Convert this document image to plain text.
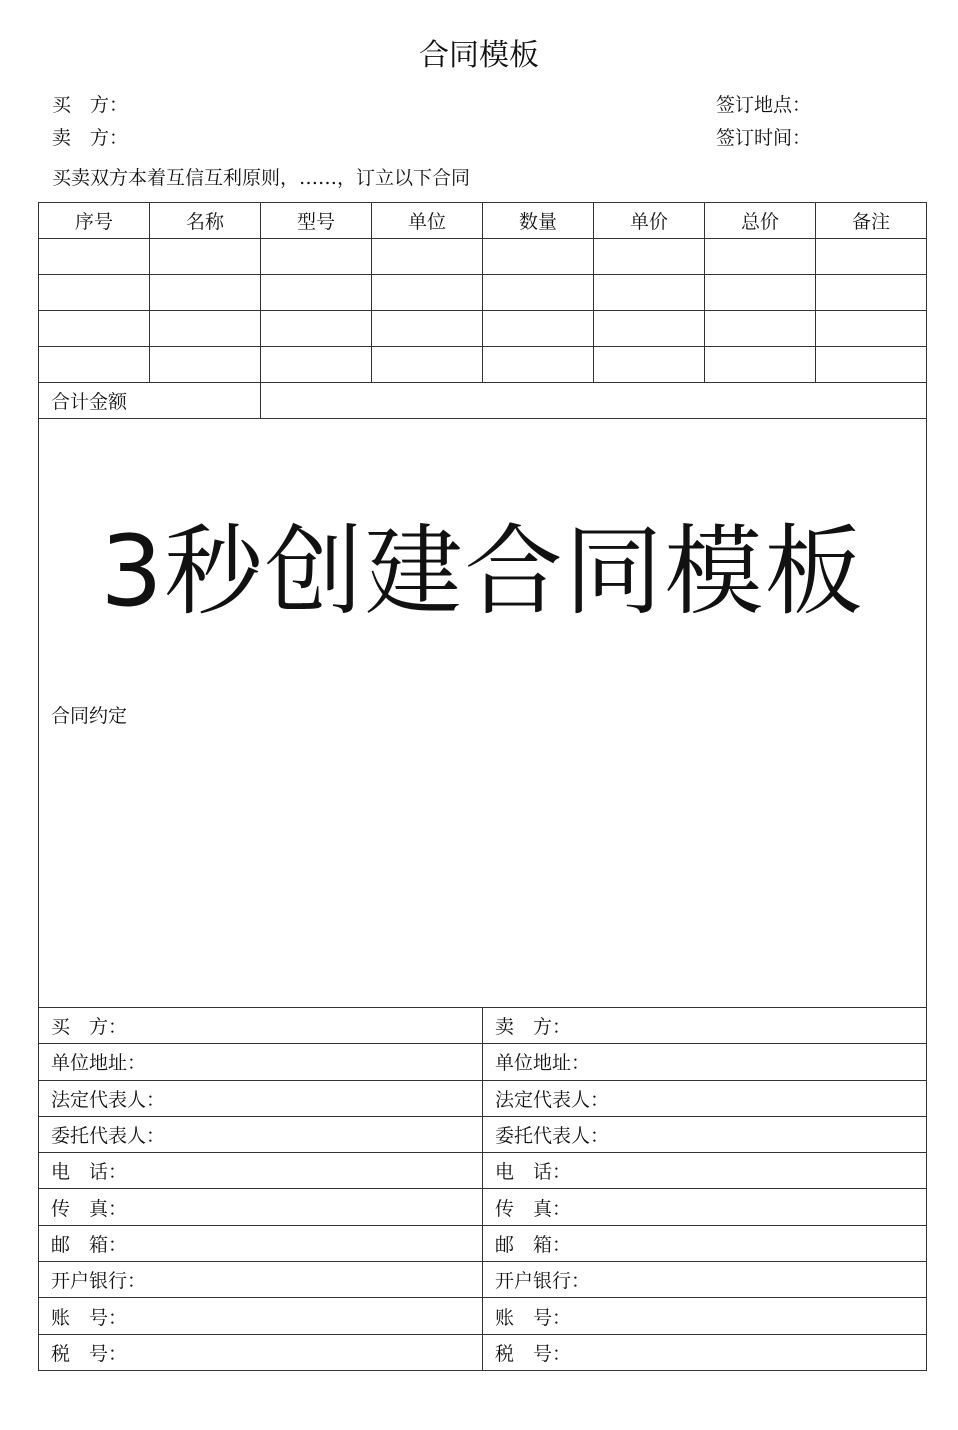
合同模板
买　方：	签订地点：
卖　方：	签订时间：
买卖双方本着互信互利原则，……，订立以下合同
序号	名称	型号	单位	数量	单价	总价	备注

合计金额							

3秒创建合同模板
合同约定							

买　方：				卖　方：			
单位地址：				单位地址：			
法定代表人：				法定代表人：			
委托代表人：				委托代表人：			
电　话：				电　话：			
传　真：				传　真：			
邮　箱：				邮　箱：			
开户银行：				开户银行：			
账　号：				账　号：			
税　号：				税　号：			
